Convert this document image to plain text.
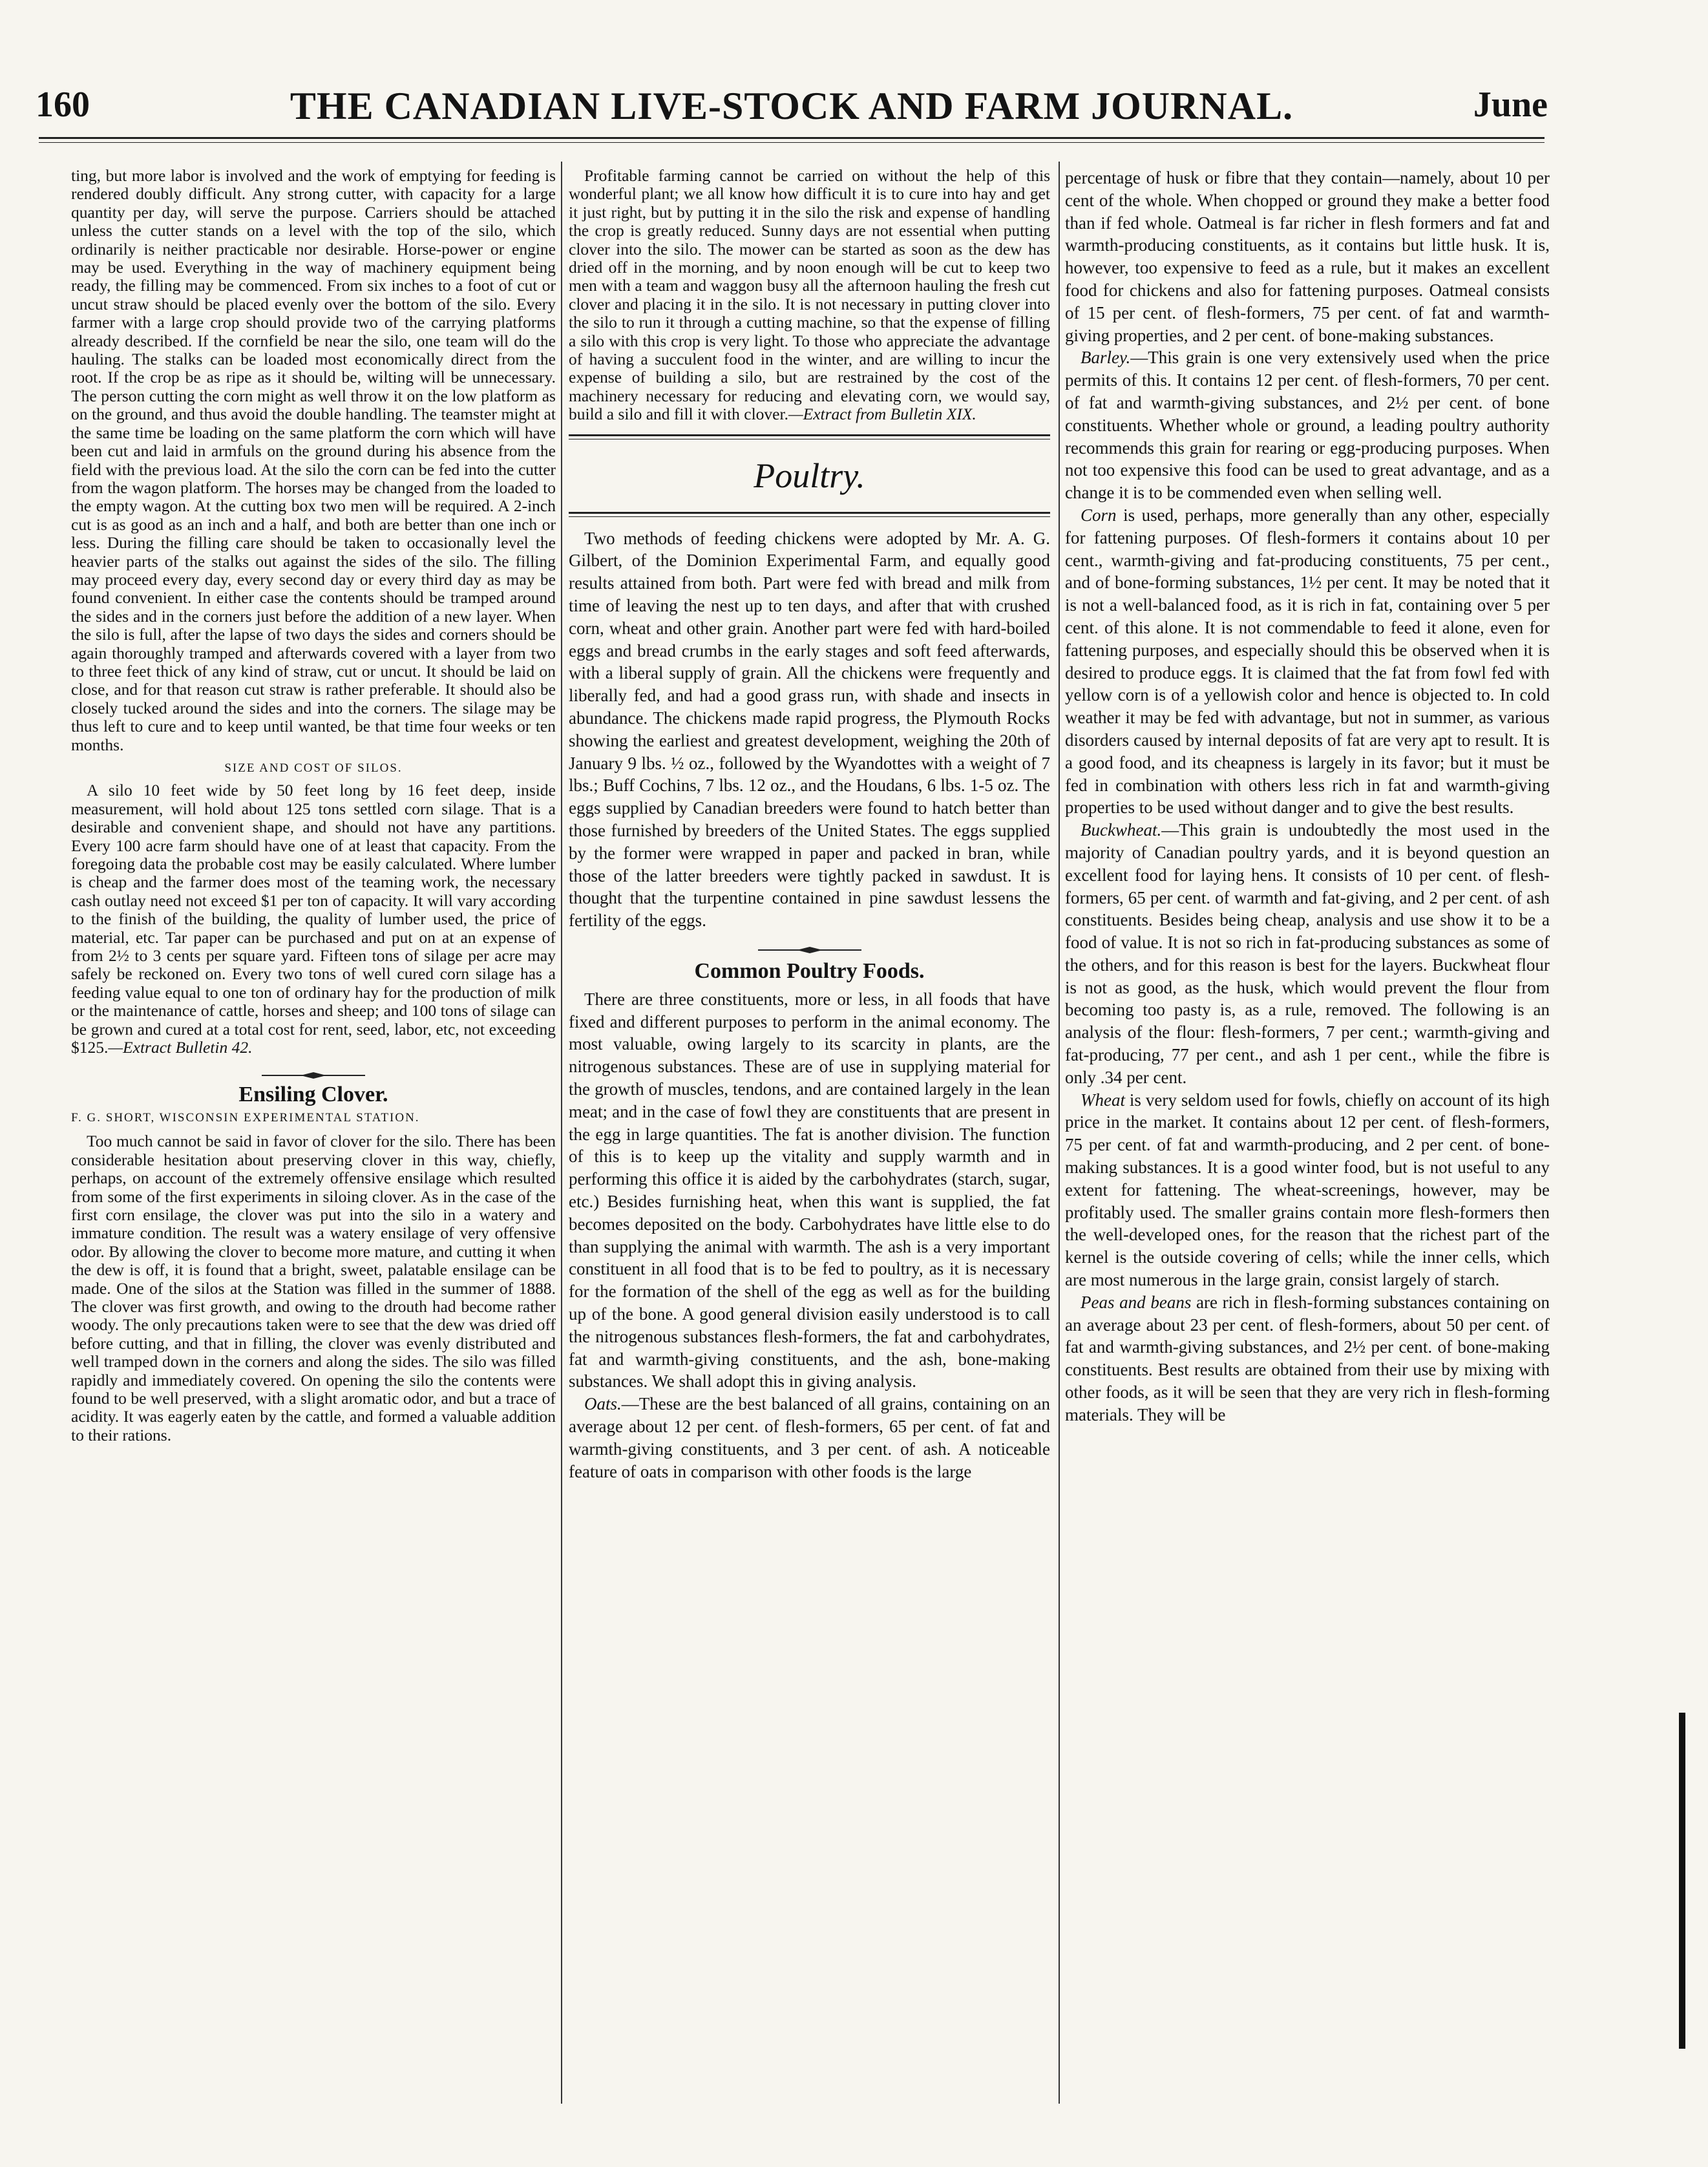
160	THE CANADIAN LIVE-STOCK AND FARM JOURNAL.	June

ting, but more labor is involved and the work of emptying for feeding is rendered doubly difficult. Any strong cutter, with capacity for a large quantity per day, will serve the purpose. Carriers should be attached unless the cutter stands on a level with the top of the silo, which ordinarily is neither practicable nor desirable. Horse-power or engine may be used. Everything in the way of machinery equipment being ready, the filling may be commenced. From six inches to a foot of cut or uncut straw should be placed evenly over the bottom of the silo. Every farmer with a large crop should provide two of the carrying platforms already described. If the cornfield be near the silo, one team will do the hauling. The stalks can be loaded most economically direct from the root. If the crop be as ripe as it should be, wilting will be unnecessary. The person cutting the corn might as well throw it on the low platform as on the ground, and thus avoid the double handling. The teamster might at the same time be loading on the same platform the corn which will have been cut and laid in armfuls on the ground during his absence from the field with the previous load. At the silo the corn can be fed into the cutter from the wagon platform. The horses may be changed from the loaded to the empty wagon. At the cutting box two men will be required. A 2-inch cut is as good as an inch and a half, and both are better than one inch or less. During the filling care should be taken to occasionally level the heavier parts of the stalks out against the sides of the silo. The filling may proceed every day, every second day or every third day as may be found convenient. In either case the contents should be tramped around the sides and in the corners just before the addition of a new layer. When the silo is full, after the lapse of two days the sides and corners should be again thoroughly tramped and afterwards covered with a layer from two to three feet thick of any kind of straw, cut or uncut. It should be laid on close, and for that reason cut straw is rather preferable. It should also be closely tucked around the sides and into the corners. The silage may be thus left to cure and to keep until wanted, be that time four weeks or ten months.

SIZE AND COST OF SILOS.

A silo 10 feet wide by 50 feet long by 16 feet deep, inside measurement, will hold about 125 tons settled corn silage. That is a desirable and convenient shape, and should not have any partitions. Every 100 acre farm should have one of at least that capacity. From the foregoing data the probable cost may be easily calculated. Where lumber is cheap and the farmer does most of the teaming work, the necessary cash outlay need not exceed $1 per ton of capacity. It will vary according to the finish of the building, the quality of lumber used, the price of material, etc. Tar paper can be purchased and put on at an expense of from 2½ to 3 cents per square yard. Fifteen tons of silage per acre may safely be reckoned on. Every two tons of well cured corn silage has a feeding value equal to one ton of ordinary hay for the production of milk or the maintenance of cattle, horses and sheep; and 100 tons of silage can be grown and cured at a total cost for rent, seed, labor, etc, not exceeding $125.—Extract Bulletin 42.

Ensiling Clover.
F. G. SHORT, WISCONSIN EXPERIMENTAL STATION.

Too much cannot be said in favor of clover for the silo. There has been considerable hesitation about preserving clover in this way, chiefly, perhaps, on account of the extremely offensive ensilage which resulted from some of the first experiments in siloing clover. As in the case of the first corn ensilage, the clover was put into the silo in a watery and immature condition. The result was a watery ensilage of very offensive odor. By allowing the clover to become more mature, and cutting it when the dew is off, it is found that a bright, sweet, palatable ensilage can be made. One of the silos at the Station was filled in the summer of 1888. The clover was first growth, and owing to the drouth had become rather woody. The only precautions taken were to see that the dew was dried off before cutting, and that in filling, the clover was evenly distributed and well tramped down in the corners and along the sides. The silo was filled rapidly and immediately covered. On opening the silo the contents were found to be well preserved, with a slight aromatic odor, and but a trace of acidity. It was eagerly eaten by the cattle, and formed a valuable addition to their rations.

Profitable farming cannot be carried on without the help of this wonderful plant; we all know how difficult it is to cure into hay and get it just right, but by putting it in the silo the risk and expense of handling the crop is greatly reduced. Sunny days are not essential when putting clover into the silo. The mower can be started as soon as the dew has dried off in the morning, and by noon enough will be cut to keep two men with a team and waggon busy all the afternoon hauling the fresh cut clover and placing it in the silo. It is not necessary in putting clover into the silo to run it through a cutting machine, so that the expense of filling a silo with this crop is very light. To those who appreciate the advantage of having a succulent food in the winter, and are willing to incur the expense of building a silo, but are restrained by the cost of the machinery necessary for reducing and elevating corn, we would say, build a silo and fill it with clover.—Extract from Bulletin XIX.

Poultry.

Two methods of feeding chickens were adopted by Mr. A. G. Gilbert, of the Dominion Experimental Farm, and equally good results attained from both. Part were fed with bread and milk from time of leaving the nest up to ten days, and after that with crushed corn, wheat and other grain. Another part were fed with hard-boiled eggs and bread crumbs in the early stages and soft feed afterwards, with a liberal supply of grain. All the chickens were frequently and liberally fed, and had a good grass run, with shade and insects in abundance. The chickens made rapid progress, the Plymouth Rocks showing the earliest and greatest development, weighing the 20th of January 9 lbs. ½ oz., followed by the Wyandottes with a weight of 7 lbs.; Buff Cochins, 7 lbs. 12 oz., and the Houdans, 6 lbs. 1-5 oz. The eggs supplied by Canadian breeders were found to hatch better than those furnished by breeders of the United States. The eggs supplied by the former were wrapped in paper and packed in bran, while those of the latter breeders were tightly packed in sawdust. It is thought that the turpentine contained in pine sawdust lessens the fertility of the eggs.

Common Poultry Foods.

There are three constituents, more or less, in all foods that have fixed and different purposes to perform in the animal economy. The most valuable, owing largely to its scarcity in plants, are the nitrogenous substances. These are of use in supplying material for the growth of muscles, tendons, and are contained largely in the lean meat; and in the case of fowl they are constituents that are present in the egg in large quantities. The fat is another division. The function of this is to keep up the vitality and supply warmth and in performing this office it is aided by the carbohydrates (starch, sugar, etc.) Besides furnishing heat, when this want is supplied, the fat becomes deposited on the body. Carbohydrates have little else to do than supplying the animal with warmth. The ash is a very important constituent in all food that is to be fed to poultry, as it is necessary for the formation of the shell of the egg as well as for the building up of the bone. A good general division easily understood is to call the nitrogenous substances flesh-formers, the fat and carbohydrates, fat and warmth-giving constituents, and the ash, bone-making substances. We shall adopt this in giving analysis.

Oats.—These are the best balanced of all grains, containing on an average about 12 per cent. of flesh-formers, 65 per cent. of fat and warmth-giving constituents, and 3 per cent. of ash. A noticeable feature of oats in comparison with other foods is the large

percentage of husk or fibre that they contain—namely, about 10 per cent of the whole. When chopped or ground they make a better food than if fed whole. Oatmeal is far richer in flesh formers and fat and warmth-producing constituents, as it contains but little husk. It is, however, too expensive to feed as a rule, but it makes an excellent food for chickens and also for fattening purposes. Oatmeal consists of 15 per cent. of flesh-formers, 75 per cent. of fat and warmth-giving properties, and 2 per cent. of bone-making substances.

Barley.—This grain is one very extensively used when the price permits of this. It contains 12 per cent. of flesh-formers, 70 per cent. of fat and warmth-giving substances, and 2½ per cent. of bone constituents. Whether whole or ground, a leading poultry authority recommends this grain for rearing or egg-producing purposes. When not too expensive this food can be used to great advantage, and as a change it is to be commended even when selling well.

Corn is used, perhaps, more generally than any other, especially for fattening purposes. Of flesh-formers it contains about 10 per cent., warmth-giving and fat-producing constituents, 75 per cent., and of bone-forming substances, 1½ per cent. It may be noted that it is not a well-balanced food, as it is rich in fat, containing over 5 per cent. of this alone. It is not commendable to feed it alone, even for fattening purposes, and especially should this be observed when it is desired to produce eggs. It is claimed that the fat from fowl fed with yellow corn is of a yellowish color and hence is objected to. In cold weather it may be fed with advantage, but not in summer, as various disorders caused by internal deposits of fat are very apt to result. It is a good food, and its cheapness is largely in its favor; but it must be fed in combination with others less rich in fat and warmth-giving properties to be used without danger and to give the best results.

Buckwheat.—This grain is undoubtedly the most used in the majority of Canadian poultry yards, and it is beyond question an excellent food for laying hens. It consists of 10 per cent. of flesh-formers, 65 per cent. of warmth and fat-giving, and 2 per cent. of ash constituents. Besides being cheap, analysis and use show it to be a food of value. It is not so rich in fat-producing substances as some of the others, and for this reason is best for the layers. Buckwheat flour is not as good, as the husk, which would prevent the flour from becoming too pasty is, as a rule, removed. The following is an analysis of the flour: flesh-formers, 7 per cent.; warmth-giving and fat-producing, 77 per cent., and ash 1 per cent., while the fibre is only .34 per cent.

Wheat is very seldom used for fowls, chiefly on account of its high price in the market. It contains about 12 per cent. of flesh-formers, 75 per cent. of fat and warmth-producing, and 2 per cent. of bone-making substances. It is a good winter food, but is not useful to any extent for fattening. The wheat-screenings, however, may be profitably used. The smaller grains contain more flesh-formers then the well-developed ones, for the reason that the richest part of the kernel is the outside covering of cells; while the inner cells, which are most numerous in the large grain, consist largely of starch.

Peas and beans are rich in flesh-forming substances containing on an average about 23 per cent. of flesh-formers, about 50 per cent. of fat and warmth-giving substances, and 2½ per cent. of bone-making constituents. Best results are obtained from their use by mixing with other foods, as it will be seen that they are very rich in flesh-forming materials. They will be
